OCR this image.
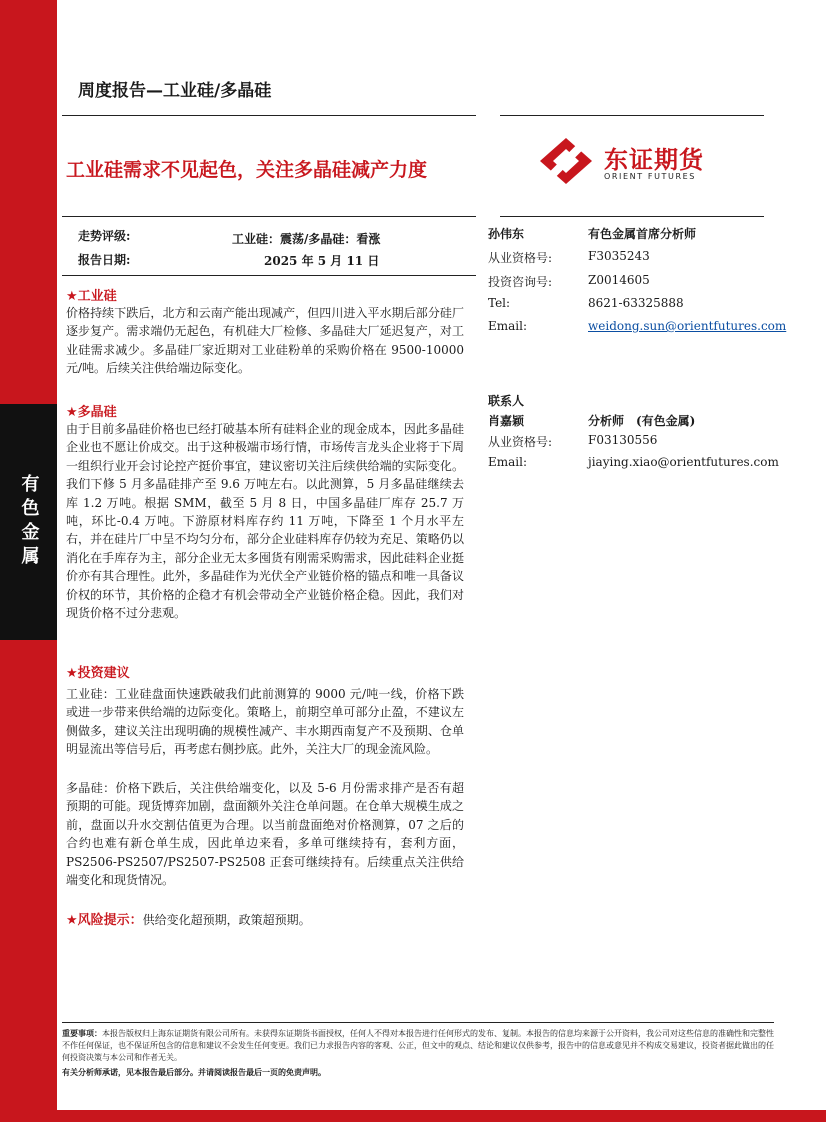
有色金属
周度报告—工业硅/多晶硅
工业硅需求不见起色，关注多晶硅减产力度	东证期货
ORIENT FUTURES
走势评级:	工业硅：震荡/多晶硅：看涨
报告日期:	2025 年 5 月 11 日
★工业硅
价格持续下跌后，北方和云南产能出现减产，但四川进入平水期后部分硅厂逐步复产。需求端仍无起色，有机硅大厂检修、多晶硅大厂延迟复产，对工业硅需求减少。多晶硅厂家近期对工业硅粉单的采购价格在 9500-10000 元/吨。后续关注供给端边际变化。
★多晶硅
由于目前多晶硅价格也已经打破基本所有硅料企业的现金成本，因此多晶硅企业也不愿让价成交。出于这种极端市场行情，市场传言龙头企业将于下周一组织行业开会讨论控产挺价事宜，建议密切关注后续供给端的实际变化。我们下修 5 月多晶硅排产至 9.6 万吨左右。以此测算，5 月多晶硅继续去库 1.2 万吨。根据 SMM，截至 5 月 8 日，中国多晶硅厂库存 25.7 万吨，环比-0.4 万吨。下游原材料库存约 11 万吨，下降至 1 个月水平左右，并在硅片厂中呈不均匀分布，部分企业硅料库存仍较为充足、策略仍以消化在手库存为主，部分企业无太多囤货有刚需采购需求，因此硅料企业挺价亦有其合理性。此外，多晶硅作为光伏全产业链价格的锚点和唯一具备议价权的环节，其价格的企稳才有机会带动全产业链价格企稳。因此，我们对现货价格不过分悲观。
★投资建议
工业硅：工业硅盘面快速跌破我们此前测算的 9000 元/吨一线，价格下跌或进一步带来供给端的边际变化。策略上，前期空单可部分止盈，不建议左侧做多，建议关注出现明确的规模性减产、丰水期西南复产不及预期、仓单明显流出等信号后，再考虑右侧抄底。此外，关注大厂的现金流风险。
多晶硅：价格下跌后，关注供给端变化，以及 5-6 月份需求排产是否有超预期的可能。现货博弈加剧，盘面额外关注仓单问题。在仓单大规模生成之前，盘面以升水交割估值更为合理。以当前盘面绝对价格测算，07 之后的合约也难有新仓单生成，因此单边来看，多单可继续持有，套利方面，PS2506-PS2507/PS2507-PS2508 正套可继续持有。后续重点关注供给端变化和现货情况。
★风险提示：供给变化超预期，政策超预期。
孙伟东	有色金属首席分析师
从业资格号:	F3035243
投资咨询号:	Z0014605
Tel:	8621-63325888
Email:	weidong.sun@orientfutures.com
联系人
肖嘉颖	分析师　(有色金属)
从业资格号:	F03130556
Email:	jiaying.xiao@orientfutures.com
重要事项：本报告版权归上海东证期货有限公司所有。未获得东证期货书面授权，任何人不得对本报告进行任何形式的发布、复制。本报告的信息均来源于公开资料，我公司对这些信息的准确性和完整性不作任何保证，也不保证所包含的信息和建议不会发生任何变更。我们已力求报告内容的客观、公正，但文中的观点、结论和建议仅供参考，报告中的信息或意见并不构成交易建议，投资者据此做出的任何投资决策与本公司和作者无关。
有关分析师承诺，见本报告最后部分。并请阅读报告最后一页的免责声明。
